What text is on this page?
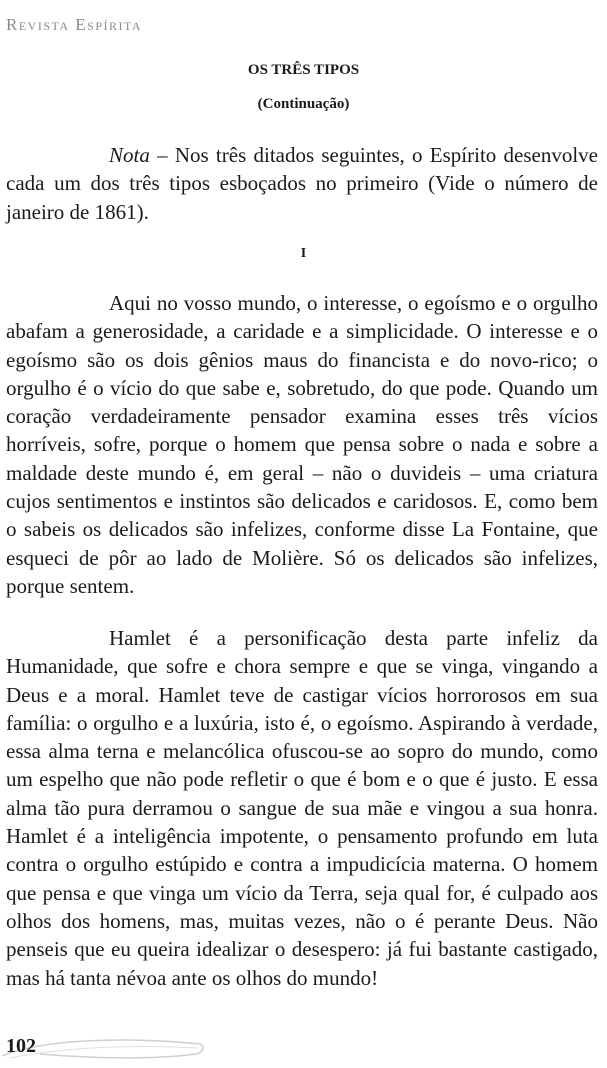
Revista Espírita
OS TRÊS TIPOS
(Continuação)

Nota – Nos três ditados seguintes, o Espírito desenvolve cada um dos três tipos esboçados no primeiro (Vide o número de janeiro de 1861).

I

Aqui no vosso mundo, o interesse, o egoísmo e o orgulho abafam a generosidade, a caridade e a simplicidade. O interesse e o egoísmo são os dois gênios maus do financista e do novo-rico; o orgulho é o vício do que sabe e, sobretudo, do que pode. Quando um coração verdadeiramente pensador examina esses três vícios horríveis, sofre, porque o homem que pensa sobre o nada e sobre a maldade deste mundo é, em geral – não o duvideis – uma criatura cujos sentimentos e instintos são delicados e caridosos. E, como bem o sabeis os delicados são infelizes, conforme disse La Fontaine, que esqueci de pôr ao lado de Molière. Só os delicados são infelizes, porque sentem.

Hamlet é a personificação desta parte infeliz da Humanidade, que sofre e chora sempre e que se vinga, vingando a Deus e a moral. Hamlet teve de castigar vícios horrorosos em sua família: o orgulho e a luxúria, isto é, o egoísmo. Aspirando à verdade, essa alma terna e melancólica ofuscou-se ao sopro do mundo, como um espelho que não pode refletir o que é bom e o que é justo. E essa alma tão pura derramou o sangue de sua mãe e vingou a sua honra. Hamlet é a inteligência impotente, o pensamento profundo em luta contra o orgulho estúpido e contra a impudicícia materna. O homem que pensa e que vinga um vício da Terra, seja qual for, é culpado aos olhos dos homens, mas, muitas vezes, não o é perante Deus. Não penseis que eu queira idealizar o desespero: já fui bastante castigado, mas há tanta névoa ante os olhos do mundo!

102
